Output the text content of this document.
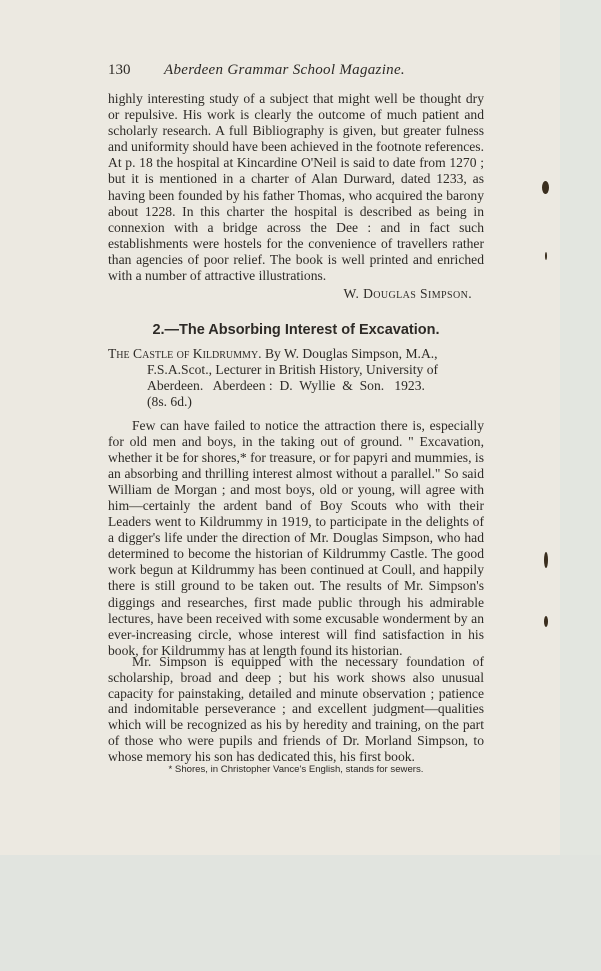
130 Aberdeen Grammar School Magazine.
highly interesting study of a subject that might well be thought dry or repulsive. His work is clearly the outcome of much patient and scholarly research. A full Bibliography is given, but greater fulness and uniformity should have been achieved in the footnote references. At p. 18 the hospital at Kincardine O'Neil is said to date from 1270 ; but it is mentioned in a charter of Alan Durward, dated 1233, as having been founded by his father Thomas, who acquired the barony about 1228. In this charter the hospital is described as being in connexion with a bridge across the Dee : and in fact such establishments were hostels for the convenience of travellers rather than agencies of poor relief. The book is well printed and enriched with a number of attractive illustrations.
W. Douglas Simpson.
2.—The Absorbing Interest of Excavation.
The Castle of Kildrummy. By W. Douglas Simpson, M.A.,
F.S.A.Scot., Lecturer in British History, University of
Aberdeen.   Aberdeen :  D.  Wyllie  &  Son.   1923.
(8s. 6d.)
Few can have failed to notice the attraction there is, especially for old men and boys, in the taking out of ground. " Excavation, whether it be for shores,* for treasure, or for papyri and mummies, is an absorbing and thrilling interest almost without a parallel." So said William de Morgan ; and most boys, old or young, will agree with him—certainly the ardent band of Boy Scouts who with their Leaders went to Kildrummy in 1919, to participate in the delights of a digger's life under the direction of Mr. Douglas Simpson, who had determined to become the historian of Kildrummy Castle. The good work begun at Kildrummy has been continued at Coull, and happily there is still ground to be taken out. The results of Mr. Simpson's diggings and researches, first made public through his admirable lectures, have been received with some excusable wonderment by an ever-increasing circle, whose interest will find satisfaction in his book, for Kildrummy has at length found its historian.
Mr. Simpson is equipped with the necessary foundation of scholarship, broad and deep ; but his work shows also unusual capacity for painstaking, detailed and minute observation ; patience and indomitable perseverance ; and excellent judgment—qualities which will be recognized as his by heredity and training, on the part of those who were pupils and friends of Dr. Morland Simpson, to whose memory his son has dedicated this, his first book.
* Shores, in Christopher Vance's English, stands for sewers.
